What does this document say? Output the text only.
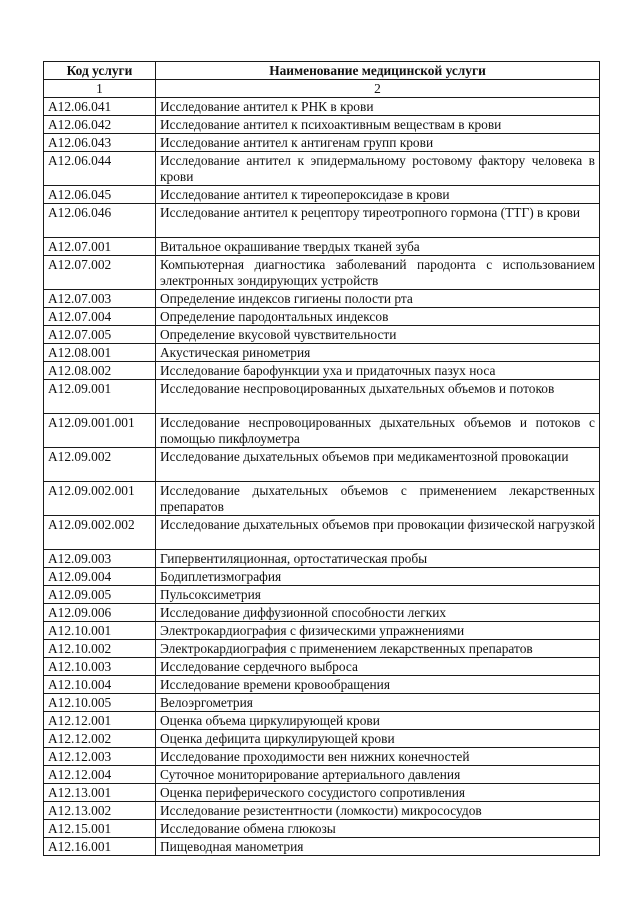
Код услуги	Наименование медицинской услуги
1	2
A12.06.041	Исследование антител к РНК в крови
A12.06.042	Исследование антител к психоактивным веществам в крови
A12.06.043	Исследование антител к антигенам групп крови
A12.06.044	Исследование антител к эпидермальному ростовому фактору человека в крови
A12.06.045	Исследование антител к тиреопероксидазе в крови
A12.06.046	Исследование антител к рецептору тиреотропного гормона (ТТГ) в крови
A12.07.001	Витальное окрашивание твердых тканей зуба
A12.07.002	Компьютерная диагностика заболеваний пародонта с использованием электронных зондирующих устройств
A12.07.003	Определение индексов гигиены полости рта
A12.07.004	Определение пародонтальных индексов
A12.07.005	Определение вкусовой чувствительности
A12.08.001	Акустическая ринометрия
A12.08.002	Исследование барофункции уха и придаточных пазух носа
A12.09.001	Исследование неспровоцированных дыхательных объемов и потоков
A12.09.001.001	Исследование неспровоцированных дыхательных объемов и потоков с помощью пикфлоуметра
A12.09.002	Исследование дыхательных объемов при медикаментозной провокации
A12.09.002.001	Исследование дыхательных объемов с применением лекарственных препаратов
A12.09.002.002	Исследование дыхательных объемов при провокации физической нагрузкой
A12.09.003	Гипервентиляционная, ортостатическая пробы
A12.09.004	Бодиплетизмография
A12.09.005	Пульсоксиметрия
A12.09.006	Исследование диффузионной способности легких
A12.10.001	Электрокардиография с физическими упражнениями
A12.10.002	Электрокардиография с применением лекарственных препаратов
A12.10.003	Исследование сердечного выброса
A12.10.004	Исследование времени кровообращения
A12.10.005	Велоэргометрия
A12.12.001	Оценка объема циркулирующей крови
A12.12.002	Оценка дефицита циркулирующей крови
A12.12.003	Исследование проходимости вен нижних конечностей
A12.12.004	Суточное мониторирование артериального давления
A12.13.001	Оценка периферического сосудистого сопротивления
A12.13.002	Исследование резистентности (ломкости) микрососудов
A12.15.001	Исследование обмена глюкозы
A12.16.001	Пищеводная манометрия
